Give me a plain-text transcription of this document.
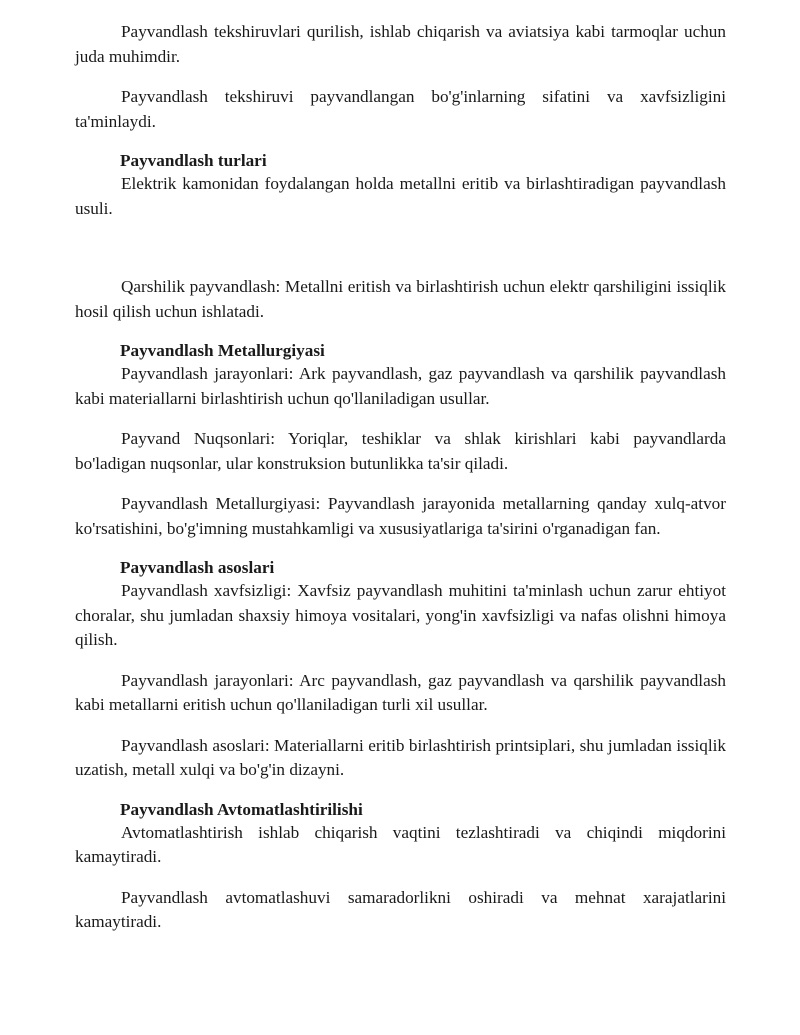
Payvandlash tekshiruvlari qurilish, ishlab chiqarish va aviatsiya kabi tarmoqlar uchun juda muhimdir.

Payvandlash tekshiruvi payvandlangan bo'g'inlarning sifatini va xavfsizligini ta'minlaydi.

Payvandlash turlari

Elektrik kamonidan foydalangan holda metallni eritib va birlashtiradigan payvandlash usuli.

Qarshilik payvandlash: Metallni eritish va birlashtirish uchun elektr qarshiligini issiqlik hosil qilish uchun ishlatadi.

Payvandlash Metallurgiyasi

Payvandlash jarayonlari: Ark payvandlash, gaz payvandlash va qarshilik payvandlash kabi materiallarni birlashtirish uchun qo'llaniladigan usullar.

Payvand Nuqsonlari: Yoriqlar, teshiklar va shlak kirishlari kabi payvandlarda bo'ladigan nuqsonlar, ular konstruksion butunlikka ta'sir qiladi.

Payvandlash Metallurgiyasi: Payvandlash jarayonida metallarning qanday xulq-atvor ko'rsatishini, bo'g'imning mustahkamligi va xususiyatlariga ta'sirini o'rganadigan fan.

Payvandlash asoslari

Payvandlash xavfsizligi: Xavfsiz payvandlash muhitini ta'minlash uchun zarur ehtiyot choralar, shu jumladan shaxsiy himoya vositalari, yong'in xavfsizligi va nafas olishni himoya qilish.

Payvandlash jarayonlari: Arc payvandlash, gaz payvandlash va qarshilik payvandlash kabi metallarni eritish uchun qo'llaniladigan turli xil usullar.

Payvandlash asoslari: Materiallarni eritib birlashtirish printsiplari, shu jumladan issiqlik uzatish, metall xulqi va bo'g'in dizayni.

Payvandlash Avtomatlashtirilishi

Avtomatlashtirish ishlab chiqarish vaqtini tezlashtiradi va chiqindi miqdorini kamaytiradi.

Payvandlash avtomatlashuvi samaradorlikni oshiradi va mehnat xarajatlarini kamaytiradi.
